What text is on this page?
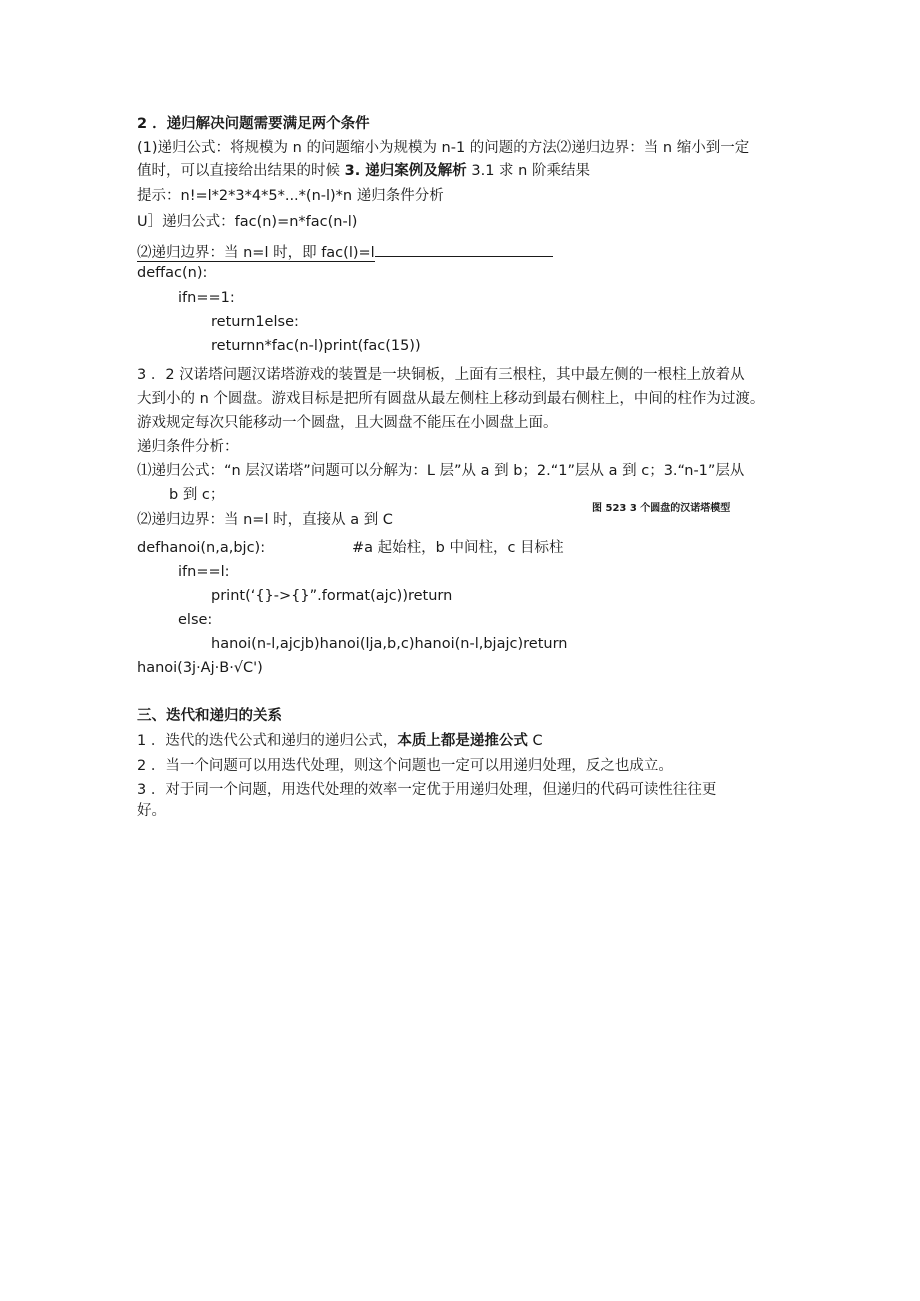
2 ．递归解决问题需要满足两个条件
(1)递归公式：将规模为 n 的问题缩小为规模为 n-1 的问题的方法⑵递归边界：当 n 缩小到一定
值时，可以直接给出结果的时候 3. 递归案例及解析 3.1 求 n 阶乘结果
提示：n!=l*2*3*4*5*...*(n-l)*n 递归条件分析
U］递归公式：fac(n)=n*fac(n-l)
⑵递归边界：当 n=l 时，即 fac(l)=l
deffac(n):
ifn==1:
return1else:
returnn*fac(n-l)print(fac(15))
3 ．2 汉诺塔问题汉诺塔游戏的装置是一块铜板，上面有三根柱，其中最左侧的一根柱上放着从
大到小的 n 个圆盘。游戏目标是把所有圆盘从最左侧柱上移动到最右侧柱上，中间的柱作为过渡。
游戏规定每次只能移动一个圆盘，且大圆盘不能压在小圆盘上面。
递归条件分析：
⑴递归公式：“n 层汉诺塔”问题可以分解为：L 层”从 a 到 b；2.“1”层从 a 到 c；3.“n-1”层从
b 到 c；
图 523 3 个圆盘的汉诺塔模型
⑵递归边界：当 n=l 时，直接从 a 到 C
defhanoi(n,a,bjc):	#a 起始柱，b 中间柱，c 目标柱
ifn==l:
print(‘{}->{}”.format(ajc))return
else:
hanoi(n-l,ajcjb)hanoi(lja,b,c)hanoi(n-l,bjajc)return
hanoi(3j·Aj·B·√C')
三、迭代和递归的关系
1 ．迭代的迭代公式和递归的递归公式，本质上都是递推公式 C
2 ．当一个问题可以用迭代处理，则这个问题也一定可以用递归处理，反之也成立。
3 ．对于同一个问题，用迭代处理的效率一定优于用递归处理，但递归的代码可读性往往更
好。
